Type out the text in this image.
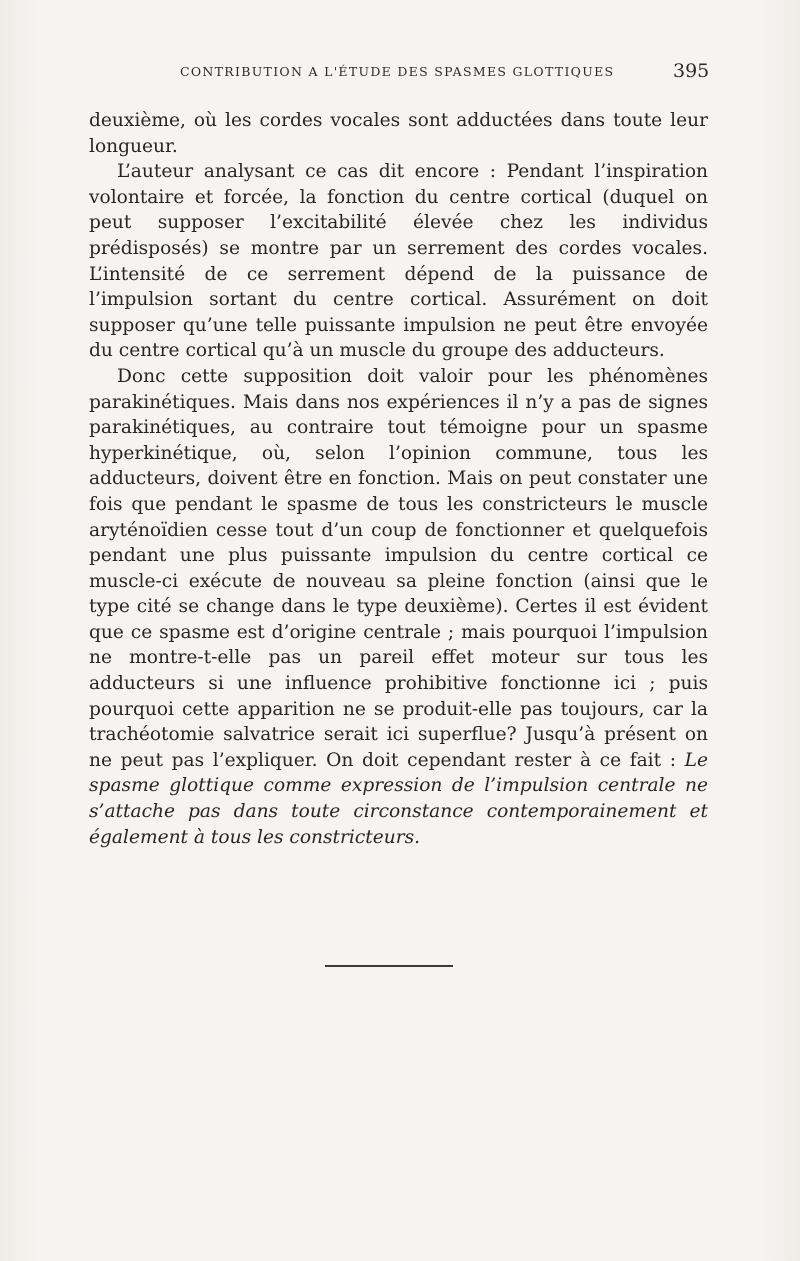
CONTRIBUTION A L'ÉTUDE DES SPASMES GLOTTIQUES	395

deuxième, où les cordes vocales sont adductées dans toute leur longueur.

L’auteur analysant ce cas dit encore : Pendant l’inspiration volontaire et forcée, la fonction du centre cortical (duquel on peut supposer l’excitabilité élevée chez les individus prédisposés) se montre par un serrement des cordes vocales. L’intensité de ce serrement dépend de la puissance de l’impulsion sortant du centre cortical. Assurément on doit supposer qu’une telle puissante impulsion ne peut être envoyée du centre cortical qu’à un muscle du groupe des adducteurs.

Donc cette supposition doit valoir pour les phénomènes parakinétiques. Mais dans nos expériences il n’y a pas de signes parakinétiques, au contraire tout témoigne pour un spasme hyperkinétique, où, selon l’opinion commune, tous les adducteurs, doivent être en fonction. Mais on peut constater une fois que pendant le spasme de tous les constricteurs le muscle aryténoïdien cesse tout d’un coup de fonctionner et quelquefois pendant une plus puissante impulsion du centre cortical ce muscle-ci exécute de nouveau sa pleine fonction (ainsi que le type cité se change dans le type deuxième). Certes il est évident que ce spasme est d’origine centrale ; mais pourquoi l’impulsion ne montre-t-elle pas un pareil effet moteur sur tous les adducteurs si une influence prohibitive fonctionne ici ; puis pourquoi cette apparition ne se produit-elle pas toujours, car la trachéotomie salvatrice serait ici superflue? Jusqu’à présent on ne peut pas l’expliquer. On doit cependant rester à ce fait : Le spasme glottique comme expression de l’impulsion centrale ne s’attache pas dans toute circonstance contemporainement et également à tous les constricteurs.
